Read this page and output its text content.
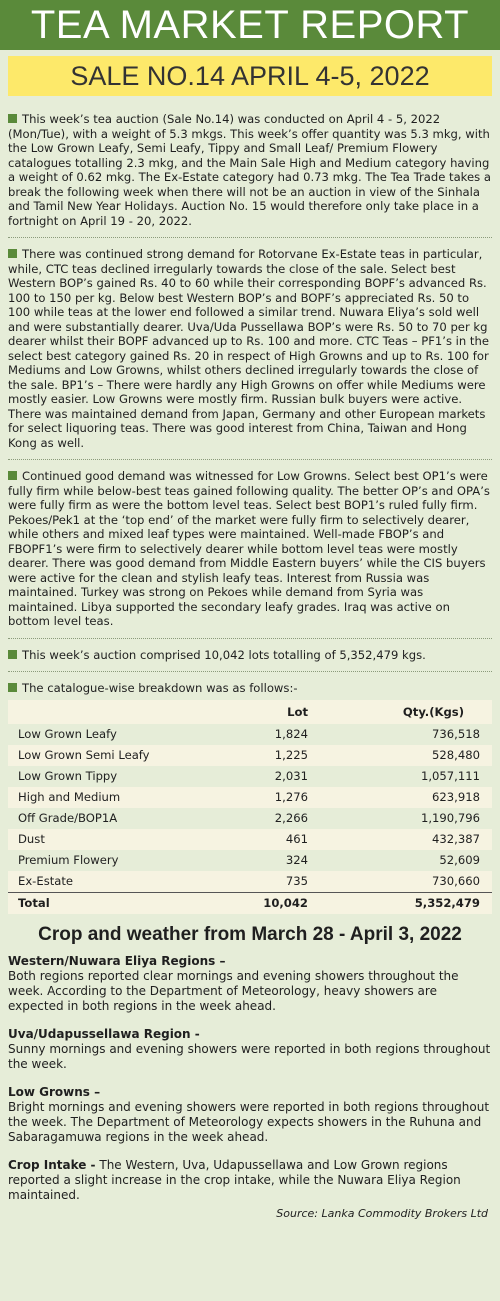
TEA MARKET REPORT
SALE NO.14 APRIL 4-5, 2022

This week’s tea auction (Sale No.14) was conducted on April 4 - 5, 2022 (Mon/Tue), with a weight of 5.3 mkgs. This week’s offer quantity was 5.3 mkg, with the Low Grown Leafy, Semi Leafy, Tippy and Small Leaf/ Premium Flowery catalogues totalling 2.3 mkg, and the Main Sale High and Medium category having a weight of 0.62 mkg. The Ex-Estate category had 0.73 mkg. The Tea Trade takes a break the following week when there will not be an auction in view of the Sinhala and Tamil New Year Holidays. Auction No. 15 would therefore only take place in a fortnight on April 19 - 20, 2022.

There was continued strong demand for Rotorvane Ex-Estate teas in particular, while, CTC teas declined irregularly towards the close of the sale. Select best Western BOP’s gained Rs. 40 to 60 while their corresponding BOPF’s advanced Rs. 100 to 150 per kg. Below best Western BOP’s and BOPF’s appreciated Rs. 50 to 100 while teas at the lower end followed a similar trend. Nuwara Eliya’s sold well and were substantially dearer. Uva/Uda Pussellawa BOP’s were Rs. 50 to 70 per kg dearer whilst their BOPF advanced up to Rs. 100 and more. CTC Teas – PF1’s in the select best category gained Rs. 20 in respect of High Growns and up to Rs. 100 for Mediums and Low Growns, whilst others declined irregularly towards the close of the sale. BP1’s – There were hardly any High Growns on offer while Mediums were mostly easier. Low Growns were mostly firm. Russian bulk buyers were active. There was maintained demand from Japan, Germany and other European markets for select liquoring teas. There was good interest from China, Taiwan and Hong Kong as well.

Continued good demand was witnessed for Low Growns. Select best OP1’s were fully firm while below-best teas gained following quality. The better OP’s and OPA’s were fully firm as were the bottom level teas. Select best BOP1’s ruled fully firm. Pekoes/Pek1 at the ‘top end’ of the market were fully firm to selectively dearer, while others and mixed leaf types were maintained. Well-made FBOP’s and FBOPF1’s were firm to selectively dearer while bottom level teas were mostly dearer. There was good demand from Middle Eastern buyers’ while the CIS buyers were active for the clean and stylish leafy teas. Interest from Russia was maintained. Turkey was strong on Pekoes while demand from Syria was maintained. Libya supported the secondary leafy grades. Iraq was active on bottom level teas.

This week’s auction comprised 10,042 lots totalling of 5,352,479 kgs.

The catalogue-wise breakdown was as follows:-

	Lot	Qty.(Kgs)
Low Grown Leafy	1,824	736,518
Low Grown Semi Leafy	1,225	528,480
Low Grown Tippy	2,031	1,057,111
High and Medium	1,276	623,918
Off Grade/BOP1A	2,266	1,190,796
Dust	461	432,387
Premium Flowery	324	52,609
Ex-Estate	735	730,660
Total	10,042	5,352,479
Crop and weather from March 28 - April 3, 2022

Western/Nuwara Eliya Regions –
Both regions reported clear mornings and evening showers throughout the week. According to the Department of Meteorology, heavy showers are expected in both regions in the week ahead.

Uva/Udapussellawa Region -
Sunny mornings and evening showers were reported in both regions throughout the week.

Low Growns –
Bright mornings and evening showers were reported in both regions throughout the week. The Department of Meteorology expects showers in the Ruhuna and Sabaragamuwa regions in the week ahead.

Crop Intake - The Western, Uva, Udapussellawa and Low Grown regions reported a slight increase in the crop intake, while the Nuwara Eliya Region maintained.

Source: Lanka Commodity Brokers Ltd
